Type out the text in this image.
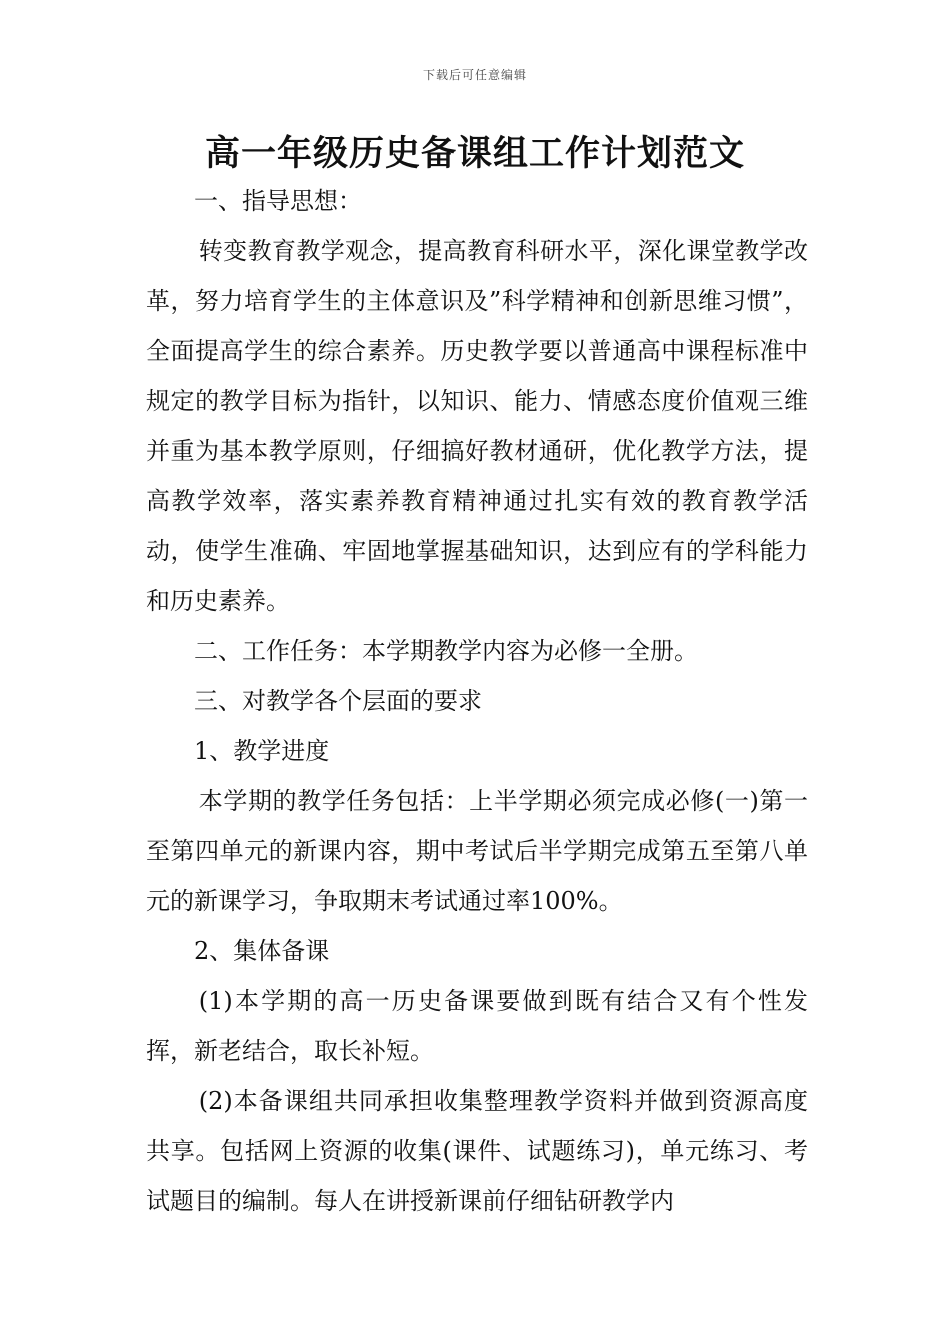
下载后可任意编辑
高一年级历史备课组工作计划范文

一、指导思想：

转变教育教学观念，提高教育科研水平，深化课堂教学改革，努力培育学生的主体意识及”科学精神和创新思维习惯”，全面提高学生的综合素养。历史教学要以普通高中课程标准中规定的教学目标为指针，以知识、能力、情感态度价值观三维并重为基本教学原则，仔细搞好教材通研，优化教学方法，提高教学效率，落实素养教育精神通过扎实有效的教育教学活动，使学生准确、牢固地掌握基础知识，达到应有的学科能力和历史素养。

二、工作任务：本学期教学内容为必修一全册。

三、对教学各个层面的要求

1、教学进度

本学期的教学任务包括：上半学期必须完成必修(一)第一至第四单元的新课内容，期中考试后半学期完成第五至第八单元的新课学习，争取期末考试通过率100%。

2、集体备课

(1)本学期的高一历史备课要做到既有结合又有个性发挥，新老结合，取长补短。

(2)本备课组共同承担收集整理教学资料并做到资源高度共享。包括网上资源的收集(课件、试题练习)，单元练习、考试题目的编制。每人在讲授新课前仔细钻研教学内
